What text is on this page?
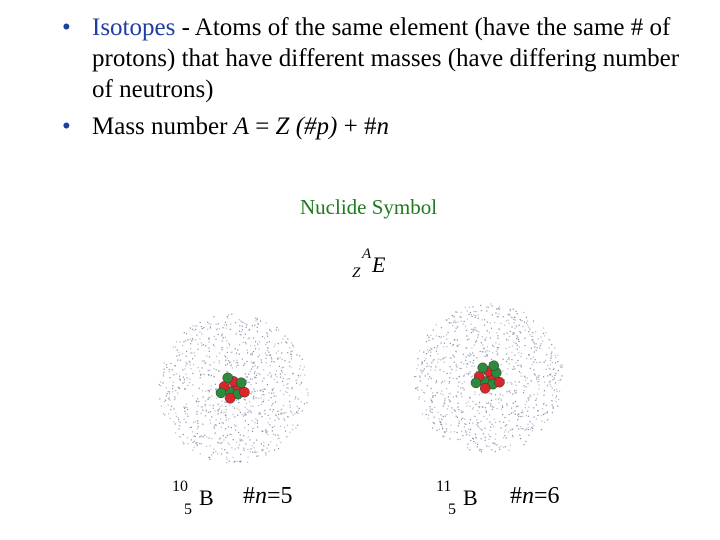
• Isotopes - Atoms of the same element (have the same # of protons) that have different masses (have differing number of neutrons)
• Mass number A = Z (#p) + #n
Nuclide Symbol
A
Z E
10
5 B #n=5	11
5 B #n=6
